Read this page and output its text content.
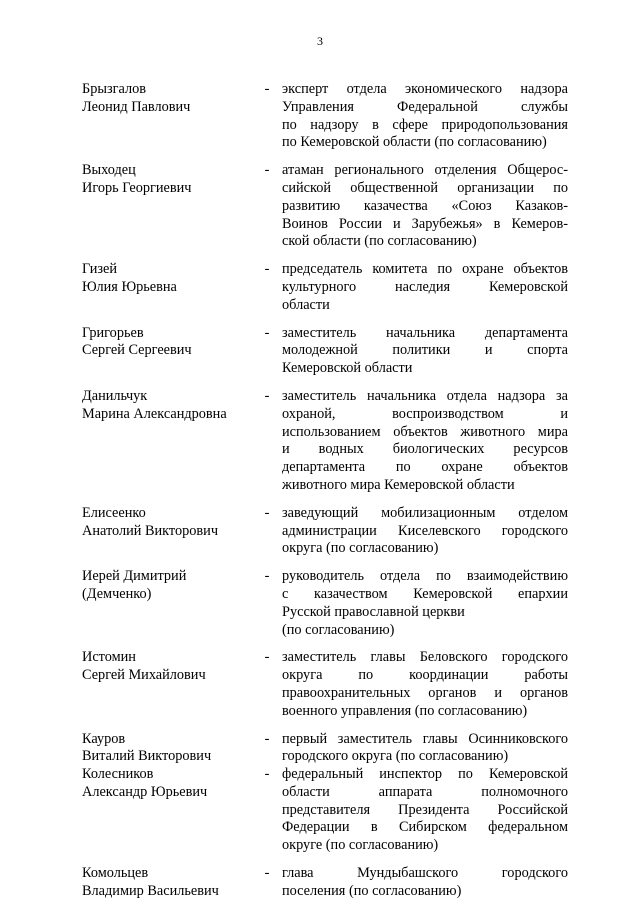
3
Брызгалов
Леонид Павлович
- эксперт отдела экономического надзора
Управления Федеральной службы
по надзору в сфере природопользования
по Кемеровской области (по согласованию)
Выходец
Игорь Георгиевич
- атаман регионального отделения Общерос-
сийской общественной организации по
развитию казачества «Союз Казаков-
Воинов России и Зарубежья» в Кемеров-
ской области (по согласованию)
Гизей
Юлия Юрьевна
- председатель комитета по охране объектов
культурного наследия Кемеровской
области
Григорьев
Сергей Сергеевич
- заместитель начальника департамента
молодежной политики и спорта
Кемеровской области
Данильчук
Марина Александровна
- заместитель начальника отдела надзора за
охраной, воспроизводством и
использованием объектов животного мира
и водных биологических ресурсов
департамента по охране объектов
животного мира Кемеровской области
Елисеенко
Анатолий Викторович
- заведующий мобилизационным отделом
администрации Киселевского городского
округа (по согласованию)
Иерей Димитрий
(Демченко)
- руководитель отдела по взаимодействию
с казачеством Кемеровской епархии
Русской православной церкви
(по согласованию)
Истомин
Сергей Михайлович
- заместитель главы Беловского городского
округа по координации работы
правоохранительных органов и органов
военного управления (по согласованию)
Кауров
Виталий Викторович
- первый заместитель главы Осинниковского
городского округа (по согласованию)
Колесников
Александр Юрьевич
- федеральный инспектор по Кемеровской
области аппарата полномочного
представителя Президента Российской
Федерации в Сибирском федеральном
округе (по согласованию)
Комольцев
Владимир Васильевич
- глава Мундыбашского городского
поселения (по согласованию)
